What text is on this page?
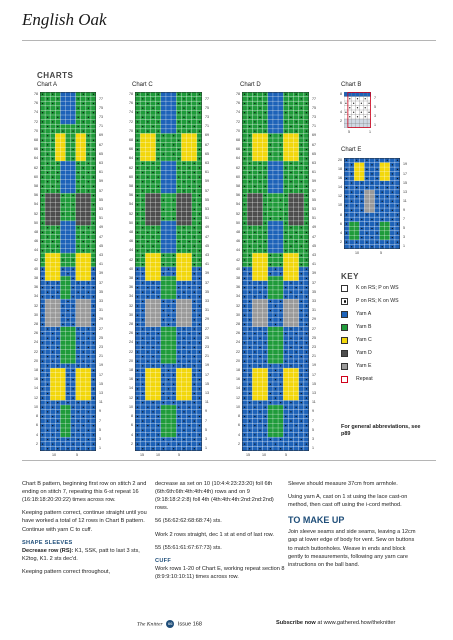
English Oak
CHARTS
Chart A	Chart C	Chart D	Chart B
Chart E
78
76
74
72
70
68
66
64
62
60
58
56
54
52
50
48
46
44
42
40
38
36
34
32
30
28
26
24
22
20
18
16
14
12
10
8
6
4
2
77
75
73
71
69
67
65
63
61
59
57
55
53
51
49
47
45
43
41
39
37
35
33
31
29
27
25
23
21
19
17
15
13
11
9
7
5
3
1
10	5
78
76
74
72
70
68
66
64
62
60
58
56
54
52
50
48
46
44
42
40
38
36
34
32
30
28
26
24
22
20
18
16
14
12
10
8
6
4
2
77
75
73
71
69
67
65
63
61
59
57
55
53
51
49
47
45
43
41
39
37
35
33
31
29
27
25
23
21
19
17
15
13
11
9
7
5
3
1
15	10	5
78
76
74
72
70
68
66
64
62
60
58
56
54
52
50
48
46
44
42
40
38
36
34
32
30
28
26
24
22
20
18
16
14
12
10
8
6
4
2
77
75
73
71
69
67
65
63
61
59
57
55
53
51
49
47
45
43
41
39
37
35
33
31
29
27
25
23
21
19
17
15
13
11
9
7
5
3
1
15	10	5
8
6
4
2
7
5
3
1
5	1
20
18
16
14
12
10
8
6
4
2
19
17
15
13
11
9
7
5
3
1
10	5
KEY
K on RS; P on WS
P on RS; K on WS
Yarn A
Yarn B
Yarn C
Yarn D
Yarn E
Repeat
For general abbreviations, see p89

Chart B pattern, beginning first row on stitch 2 and ending on stitch 7, repeating this 6-st repeat 16 (16:18:18:20:20:22) times across row.

Keeping pattern correct, continue straight until you have worked a total of 12 rows in Chart B pattern. Continue with yarn C to cuff.

SHAPE SLEEVES

Decrease row (RS): K1, SSK, patt to last 3 sts, K2tog, K1. 2 sts dec'd.

Keeping pattern correct throughout,

decrease as set on 10 (10:4:4:23:23:20) foll 6th (6th:6th:6th:4th:4th:4th) rows and on 9 (9:18:18:2:2:8) foll 4th (4th:4th:4th:2nd:2nd:2nd) rows.

56 (56:62:62:68:68:74) sts.

Work 2 rows straight, dec 1 st at end of last row.

55 (55:61:61:67:67:73) sts.

CUFF

Work rows 1-20 of Chart E, working repeat section 8 (8:9:9:10:10:11) times across row.

Sleeve should measure 37cm from armhole.

Using yarn A, cast on 1 st using the lace cast-on method, then cast off using the i-cord method.

TO MAKE UP

Join sleeve seams and side seams, leaving a 12cm gap at lower edge of body for vent. Sew on buttons to match buttonholes. Weave in ends and block gently to measurements, following any yarn care instructions on the ball band.

The Knitter 66 Issue 168	Subscribe now at www.gathered.how/theknitter
